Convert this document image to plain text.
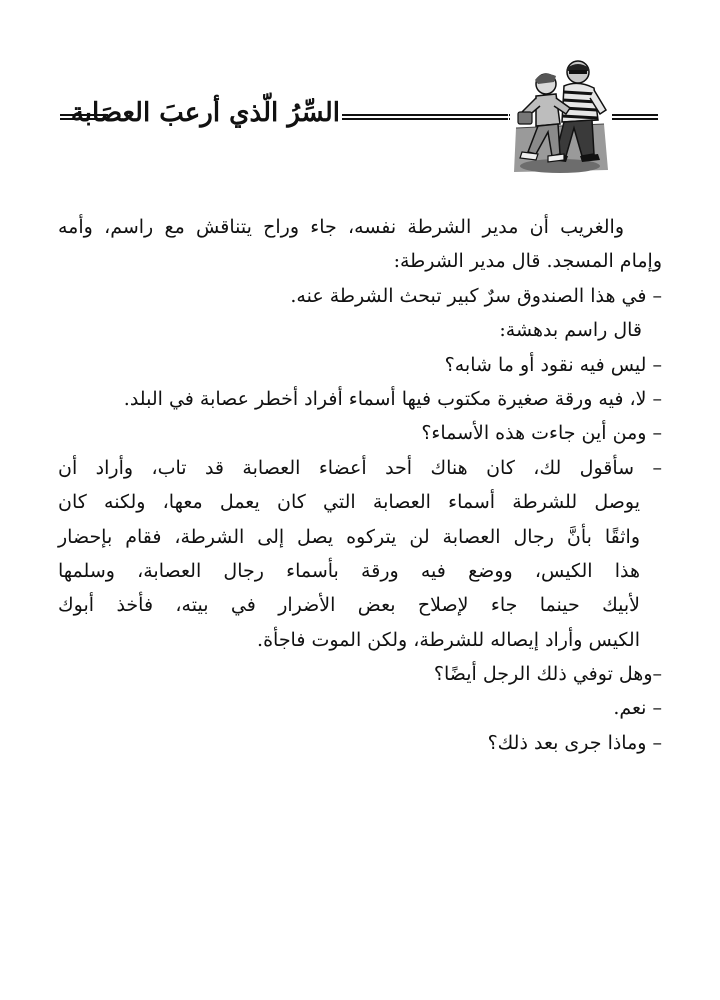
السِّرُ الّذي أرعبَ العصَابة
والغريب أن مدير الشرطة نفسه، جاء وراح يتناقش مع راسم، وأمه
وإمام المسجد. قال مدير الشرطة:
– في هذا الصندوق سرٌ كبير تبحث الشرطة عنه.
قال راسم بدهشة:
– ليس فيه نقود أو ما شابه؟
– لا، فيه ورقة صغيرة مكتوب فيها أسماء أفراد أخطر عصابة في البلد.
– ومن أين جاءت هذه الأسماء؟
– سأقول لك، كان هناك أحد أعضاء العصابة قد تاب، وأراد أن
يوصل للشرطة أسماء العصابة التي كان يعمل معها، ولكنه كان
واثقًا بأنَّ رجال العصابة لن يتركوه يصل إلى الشرطة، فقام بإحضار
هذا الكيس، ووضع فيه ورقة بأسماء رجال العصابة، وسلمها
لأبيك حينما جاء لإصلاح بعض الأضرار في بيته، فأخذ أبوك
الكيس وأراد إيصاله للشرطة، ولكن الموت فاجأة.
–وهل توفي ذلك الرجل أيضًا؟
– نعم.
– وماذا جرى بعد ذلك؟
